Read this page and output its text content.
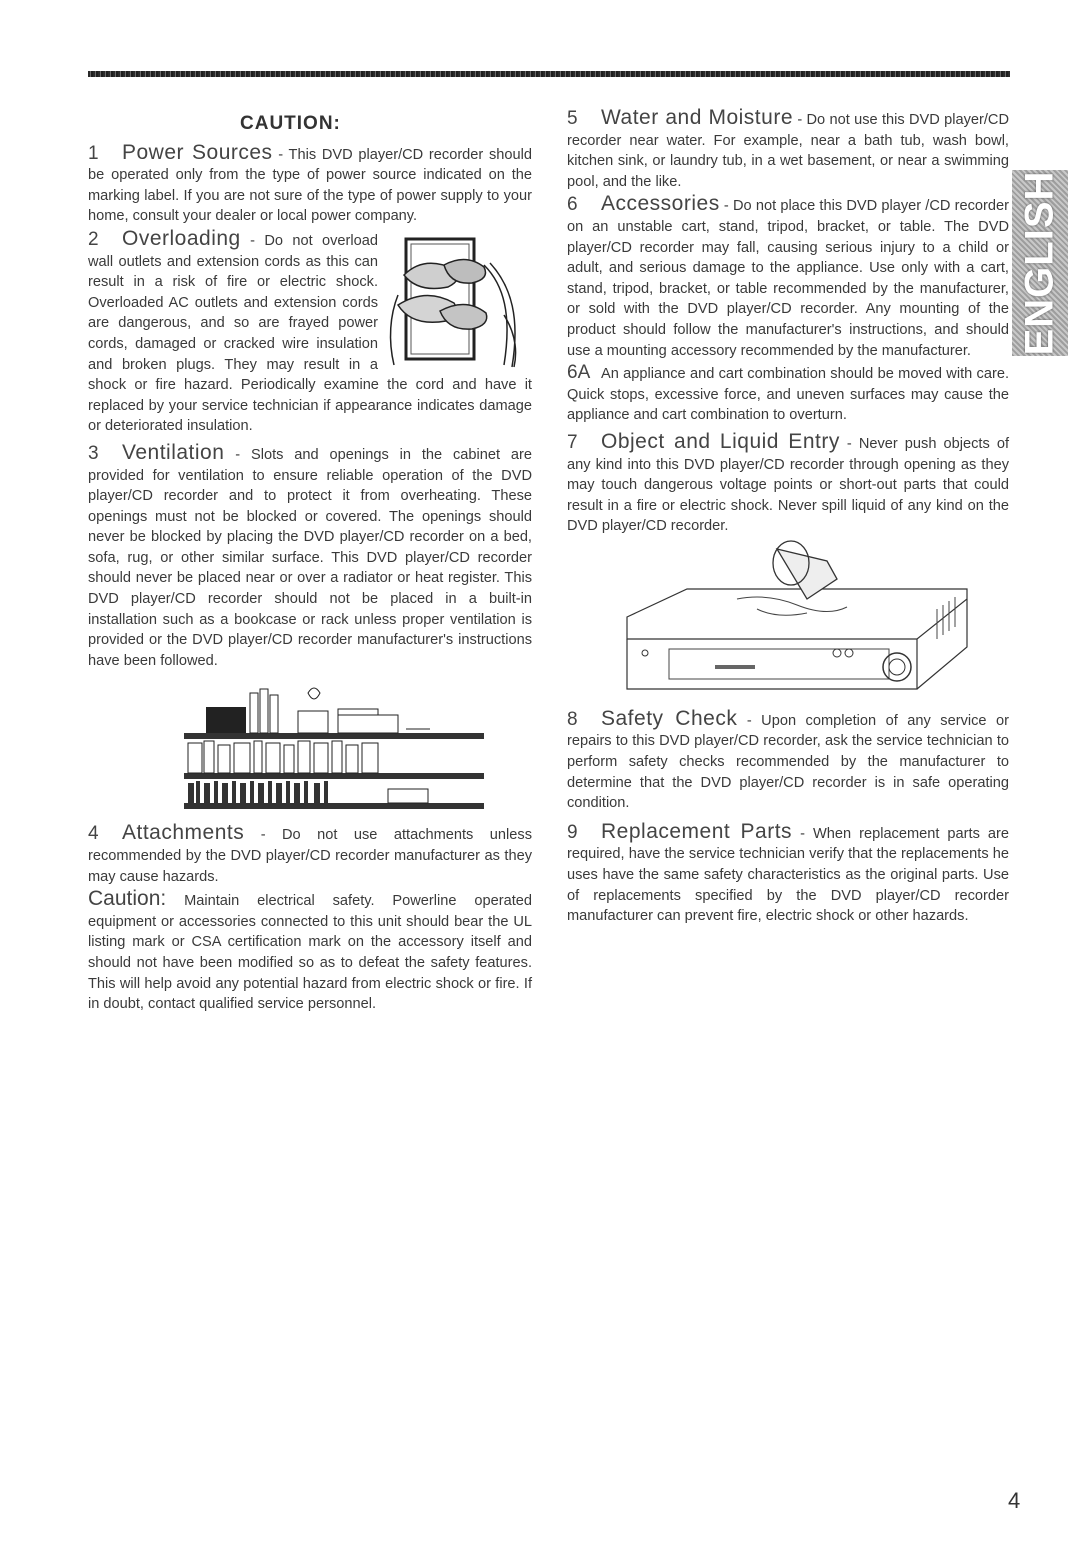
CAUTION:

1 Power Sources - This DVD player/CD recorder should be operated only from the type of power source indicated on the marking label. If you are not sure of the type of power supply to your home, consult your dealer or local power company.

2 Overloading - Do not overload wall outlets and extension cords as this can result in a risk of fire or electric shock. Overloaded AC outlets and extension cords are dangerous, and so are frayed power cords, damaged or cracked wire insulation and broken plugs. They may result in a shock or fire hazard. Periodically examine the cord and have it replaced by your service technician if appearance indicates damage or deteriorated insulation.

3 Ventilation - Slots and openings in the cabinet are provided for ventilation to ensure reliable operation of the DVD player/CD recorder and to protect it from overheating. These openings must not be blocked or covered. The openings should never be blocked by placing the DVD player/CD recorder on a bed, sofa, rug, or other similar surface. This DVD player/CD recorder should never be placed near or over a radiator or heat register. This DVD player/CD recorder should not be placed in a built-in installation such as a bookcase or rack unless proper ventilation is provided or the DVD player/CD recorder manufacturer's instructions have been followed.

4 Attachments - Do not use attachments unless recommended by the DVD player/CD recorder manufacturer as they may cause hazards.

Caution: Maintain electrical safety. Powerline operated equipment or accessories connected to this unit should bear the UL listing mark or CSA certification mark on the accessory itself and should not have been modified so as to defeat the safety features. This will help avoid any potential hazard from electric shock or fire. If in doubt, contact qualified service personnel.

5 Water and Moisture - Do not use this DVD player/CD recorder near water. For example, near a bath tub, wash bowl, kitchen sink, or laundry tub, in a wet basement, or near a swimming pool, and the like.

6 Accessories - Do not place this DVD player /CD recorder on an unstable cart, stand, tripod, bracket, or table. The DVD player/CD recorder may fall, causing serious injury to a child or adult, and serious damage to the appliance. Use only with a cart, stand, tripod, bracket, or table recommended by the manufacturer, or sold with the DVD player/CD recorder. Any mounting of the product should follow the manufacturer's instructions, and should use a mounting accessory recommended by the manufacturer.

6A An appliance and cart combination should be moved with care. Quick stops, excessive force, and uneven surfaces may cause the appliance and cart combination to overturn.

7 Object and Liquid Entry - Never push objects of any kind into this DVD player/CD recorder through opening as they may touch dangerous voltage points or short-out parts that could result in a fire or electric shock. Never spill liquid of any kind on the DVD player/CD recorder.

8 Safety Check - Upon completion of any service or repairs to this DVD player/CD recorder, ask the service technician to perform safety checks recommended by the manufacturer to determine that the DVD player/CD recorder is in safe operating condition.

9 Replacement Parts - When replacement parts are required, have the service technician verify that the replacements he uses have the same safety characteristics as the original parts. Use of replacements specified by the DVD player/CD recorder manufacturer can prevent fire, electric shock or other hazards.

ENGLISH
4
